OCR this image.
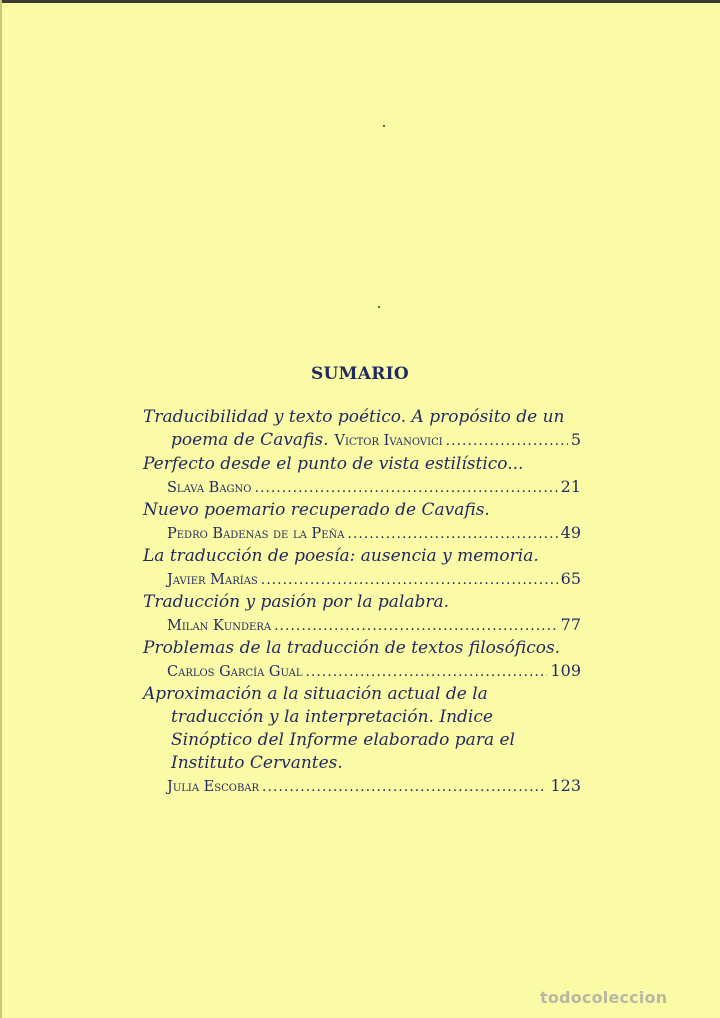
SUMARIO
Traducibilidad y texto poético. A propósito de un
poema de Cavafis. Victor Ivanovici .....	5
Perfecto desde el punto de vista estilístico...
Slava Bagno .....	21
Nuevo poemario recuperado de Cavafis.
Pedro Badenas de la Peña .....	49
La traducción de poesía: ausencia y memoria.
Javier Marías .....	65
Traducción y pasión por la palabra.
Milan Kundera .....	77
Problemas de la traducción de textos filosóficos.
Carlos García Gual .....	109
Aproximación a la situación actual de la
traducción y la interpretación. Indice
Sinóptico del Informe elaborado para el
Instituto Cervantes.
Julia Escobar .....	123
todocoleccion
